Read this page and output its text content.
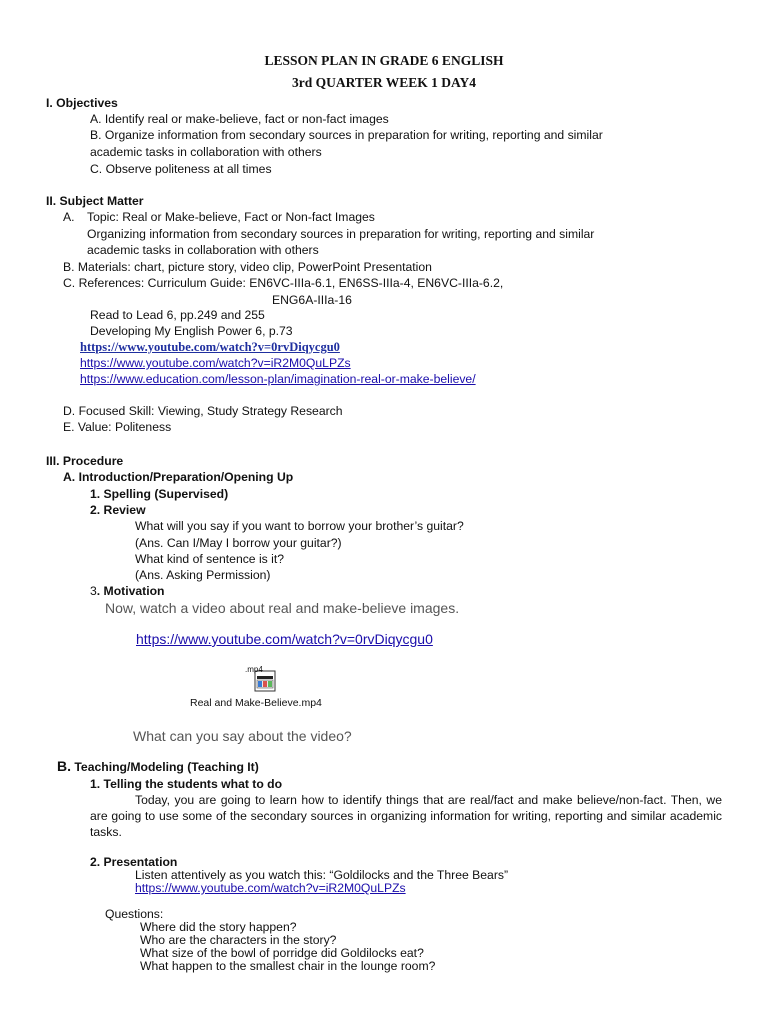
LESSON PLAN IN GRADE 6 ENGLISH
3rd QUARTER WEEK 1 DAY4
I. Objectives
A. Identify real or make-believe, fact or non-fact images
B. Organize information from secondary sources in preparation for writing, reporting and similar
academic tasks in collaboration with others
C. Observe politeness at all times
II. Subject Matter
A. Topic: Real or Make-believe, Fact or Non-fact Images
Organizing information from secondary sources in preparation for writing, reporting and similar
academic tasks in collaboration with others
B. Materials: chart, picture story, video clip, PowerPoint Presentation
C. References: Curriculum Guide: EN6VC-IIIa-6.1, EN6SS-IIIa-4, EN6VC-IIIa-6.2,
ENG6A-IIIa-16
Read to Lead 6, pp.249 and 255
Developing My English Power 6, p.73
https://www.youtube.com/watch?v=0rvDiqycgu0
https://www.youtube.com/watch?v=iR2M0QuLPZs
https://www.education.com/lesson-plan/imagination-real-or-make-believe/
D. Focused Skill: Viewing, Study Strategy Research
E. Value: Politeness
III. Procedure
A. Introduction/Preparation/Opening Up
1. Spelling (Supervised)
2. Review
What will you say if you want to borrow your brother’s guitar?
(Ans. Can I/May I borrow your guitar?)
What kind of sentence is it?
(Ans. Asking Permission)
3. Motivation
Now, watch a video about real and make-believe images.
https://www.youtube.com/watch?v=0rvDiqycgu0
.mp4
Real and Make-Believe.mp4
What can you say about the video?
B. Teaching/Modeling (Teaching It)
1. Telling the students what to do
Today, you are going to learn how to identify things that are real/fact and make believe/non-fact. Then, we are going to use some of the secondary sources in organizing information for writing, reporting and similar academic tasks.
2. Presentation
Listen attentively as you watch this: “Goldilocks and the Three Bears”
https://www.youtube.com/watch?v=iR2M0QuLPZs
Questions:
Where did the story happen?
Who are the characters in the story?
What size of the bowl of porridge did Goldilocks eat?
What happen to the smallest chair in the lounge room?
